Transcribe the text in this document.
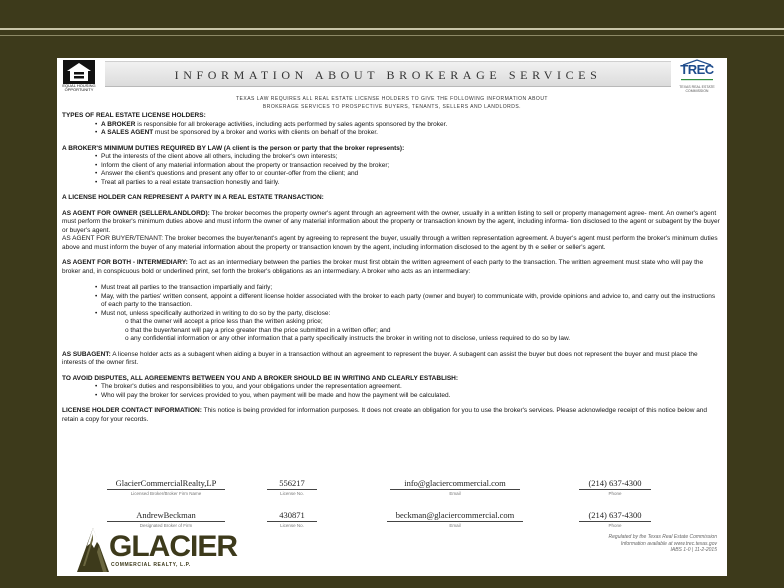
EQUAL HOUSING OPPORTUNITY
INFORMATION ABOUT BROKERAGE SERVICES	TREC
TEXAS REAL ESTATE COMMISSION
TEXAS LAW REQUIRES ALL REAL ESTATE LICENSE HOLDERS TO GIVE THE FOLLOWING INFORMATION ABOUT
BROKERAGE SERVICES TO PROSPECTIVE BUYERS, TENANTS, SELLERS AND LANDLORDS.
TYPES OF REAL ESTATE LICENSE HOLDERS:
• A BROKER is responsible for all brokerage activities, including acts performed by sales agents sponsored by the broker.
• A SALES AGENT must be sponsored by a broker and works with clients on behalf of the broker.
A BROKER'S MINIMUM DUTIES REQUIRED BY LAW (A client is the person or party that the broker represents):
• Put the interests of the client above all others, including the broker's own interests;
• Inform the client of any material information about the property or transaction received by the broker;
• Answer the client's questions and present any offer to or counter-offer from the client; and
• Treat all parties to a real estate transaction honestly and fairly.
A LICENSE HOLDER CAN REPRESENT A PARTY IN A REAL ESTATE TRANSACTION:
AS AGENT FOR OWNER (SELLER/LANDLORD): The broker becomes the property owner's agent through an agreement with the owner, usually in a written listing to sell or property management agree- ment. An owner's agent must perform the broker's minimum duties above and must inform the owner of any material information about the property or transaction known by the agent, including informa- tion disclosed to the agent or subagent by the buyer or buyer's agent.
AS AGENT FOR BUYER/TENANT: The broker becomes the buyer/tenant's agent by agreeing to represent the buyer, usually through a written representation agreement. A buyer's agent must perform the broker's minimum duties above and must inform the buyer of any material information about the property or transaction known by the agent, including information disclosed to the agent by th e seller or seller's agent.
AS AGENT FOR BOTH - INTERMEDIARY: To act as an intermediary between the parties the broker must first obtain the written agreement of each party to the transaction. The written agreement must state who will pay the broker and, in conspicuous bold or underlined print, set forth the broker's obligations as an intermediary. A broker who acts as an intermediary:
• Must treat all parties to the transaction impartially and fairly;
• May, with the parties' written consent, appoint a different license holder associated with the broker to each party (owner and buyer) to communicate with, provide opinions and advice to, and carry out the instructions of each party to the transaction.
• Must not, unless specifically authorized in writing to do so by the party, disclose:
o that the owner will accept a price less than the written asking price;
o that the buyer/tenant will pay a price greater than the price submitted in a written offer; and
o any confidential information or any other information that a party specifically instructs the broker in writing not to disclose, unless required to do so by law.
AS SUBAGENT: A license holder acts as a subagent when aiding a buyer in a transaction without an agreement to represent the buyer. A subagent can assist the buyer but does not represent the buyer and must place the interests of the owner first.
TO AVOID DISPUTES, ALL AGREEMENTS BETWEEN YOU AND A BROKER SHOULD BE IN WRITING AND CLEARLY ESTABLISH:
• The broker's duties and responsibilities to you, and your obligations under the representation agreement.
• Who will pay the broker for services provided to you, when payment will be made and how the payment will be calculated.
LICENSE HOLDER CONTACT INFORMATION: This notice is being provided for information purposes. It does not create an obligation for you to use the broker's services. Please acknowledge receipt of this notice below and retain a copy for your records.
GlacierCommercialRealty,LP
Licensed Broker/Broker Firm Name
556217
License No.
info@glaciercommercial.com
Email
(214) 637-4300
Phone
AndrewBeckman
Designated Broker of Firm
430871
License No.
beckman@glaciercommercial.com
Email
(214) 637-4300
Phone
GLACIER
COMMERCIAL REALTY, L.P.
Regulated by the Texas Real Estate Commission
Information available at www.trec.texas.gov
IABS 1-0 | 11-2-2015
